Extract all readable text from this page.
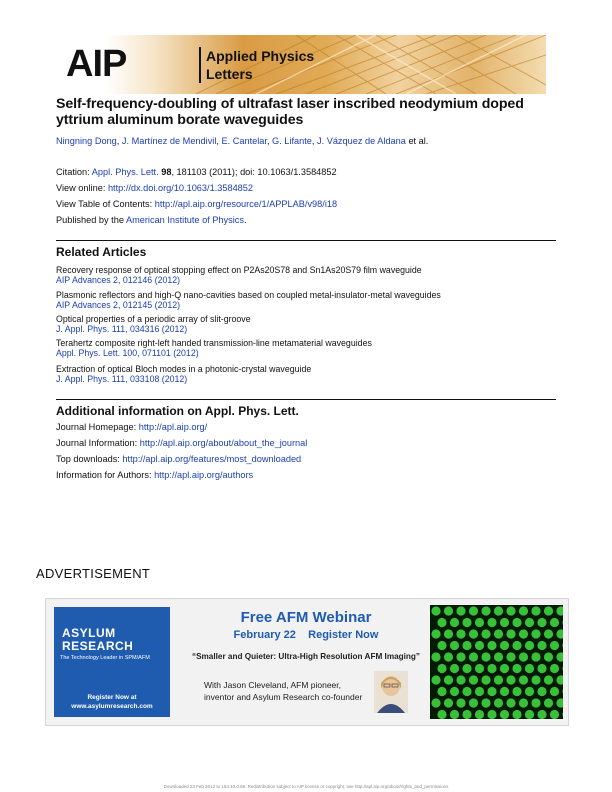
AIP	Applied Physics
Letters
Self-frequency-doubling of ultrafast laser inscribed neodymium doped
yttrium aluminum borate waveguides
Ningning Dong, J. Martínez de Mendivil, E. Cantelar, G. Lifante, J. Vázquez de Aldana et al.
Citation: Appl. Phys. Lett. 98, 181103 (2011); doi: 10.1063/1.3584852
View online: http://dx.doi.org/10.1063/1.3584852
View Table of Contents: http://apl.aip.org/resource/1/APPLAB/v98/i18
Published by the American Institute of Physics.
Related Articles
Recovery response of optical stopping effect on P2As20S78 and Sn1As20S79 film waveguide
AIP Advances 2, 012146 (2012)
Plasmonic reflectors and high-Q nano-cavities based on coupled metal-insulator-metal waveguides
AIP Advances 2, 012145 (2012)
Optical properties of a periodic array of slit-groove
J. Appl. Phys. 111, 034316 (2012)
Terahertz composite right-left handed transmission-line metamaterial waveguides
Appl. Phys. Lett. 100, 071101 (2012)
Extraction of optical Bloch modes in a photonic-crystal waveguide
J. Appl. Phys. 111, 033108 (2012)
Additional information on Appl. Phys. Lett.
Journal Homepage: http://apl.aip.org/
Journal Information: http://apl.aip.org/about/about_the_journal
Top downloads: http://apl.aip.org/features/most_downloaded
Information for Authors: http://apl.aip.org/authors
ADVERTISEMENT
ASYLUM
RESEARCH
The Technology Leader in SPM/AFM
Register Now at
www.asylumresearch.com
Free AFM Webinar
February 22 Register Now
“Smaller and Quieter: Ultra-High Resolution AFM Imaging”
With Jason Cleveland, AFM pioneer,
inventor and Asylum Research co-founder
Downloaded 23 Feb 2012 to 153.10.0.88. Redistribution subject to AIP license or copyright; see http://apl.aip.org/about/rights_and_permissions
